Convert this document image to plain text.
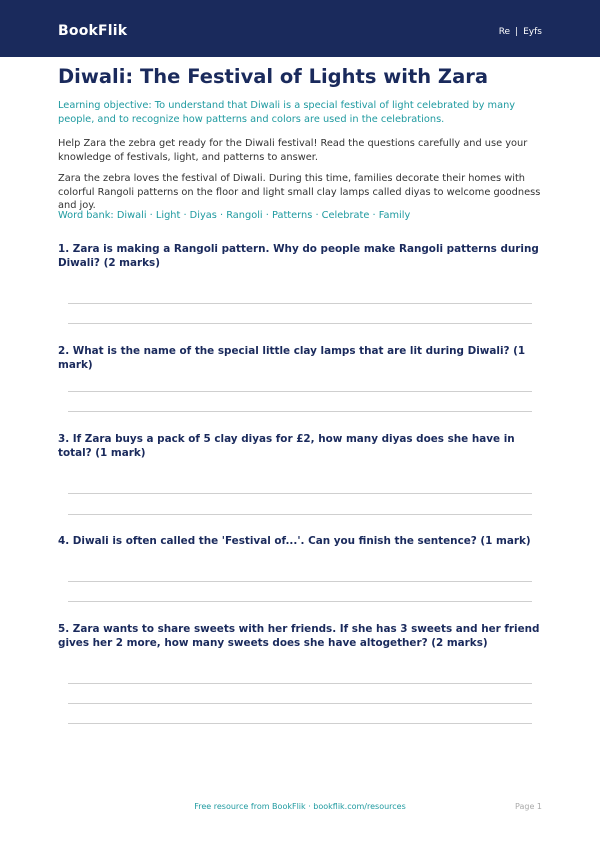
BookFlik	Re | Eyfs
Diwali: The Festival of Lights with Zara

Learning objective: To understand that Diwali is a special festival of light celebrated by many people, and to recognize how patterns and colors are used in the celebrations.

Help Zara the zebra get ready for the Diwali festival! Read the questions carefully and use your knowledge of festivals, light, and patterns to answer.

Zara the zebra loves the festival of Diwali. During this time, families decorate their homes with colorful Rangoli patterns on the floor and light small clay lamps called diyas to welcome goodness and joy.

Word bank: Diwali · Light · Diyas · Rangoli · Patterns · Celebrate · Family

1. Zara is making a Rangoli pattern. Why do people make Rangoli patterns during Diwali? (2 marks)

2. What is the name of the special little clay lamps that are lit during Diwali? (1 mark)

3. If Zara buys a pack of 5 clay diyas for £2, how many diyas does she have in total? (1 mark)

4. Diwali is often called the 'Festival of...'. Can you finish the sentence? (1 mark)

5. Zara wants to share sweets with her friends. If she has 3 sweets and her friend gives her 2 more, how many sweets does she have altogether? (2 marks)

Free resource from BookFlik · bookflik.com/resources	Page 1
